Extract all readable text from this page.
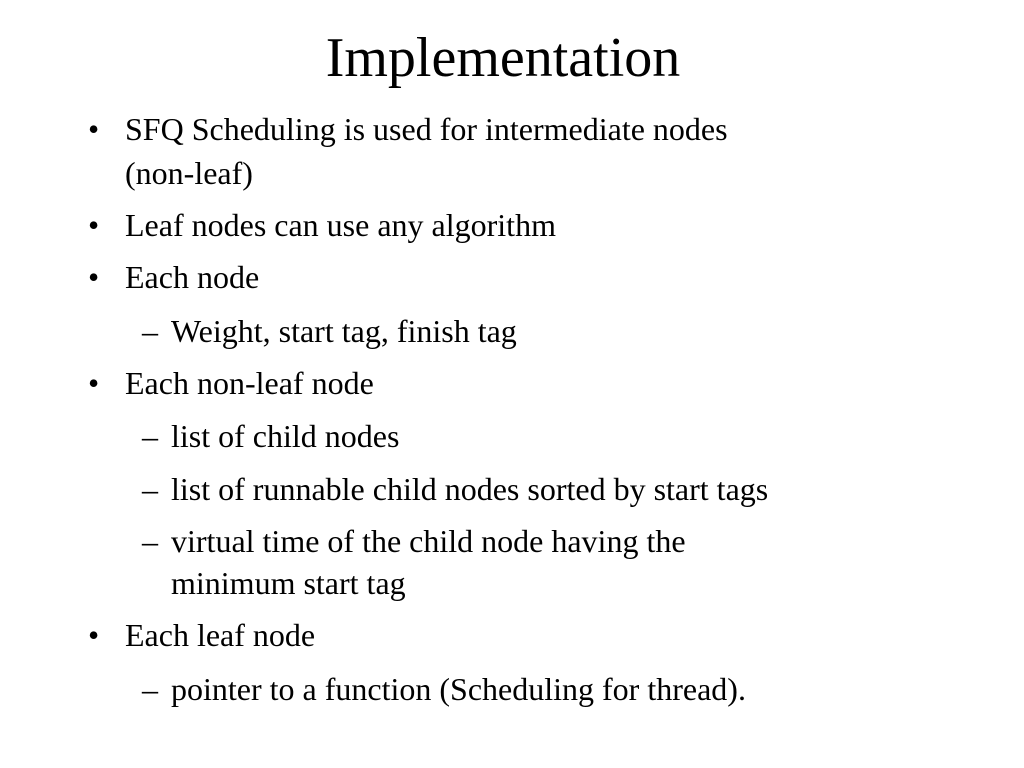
Implementation
• SFQ Scheduling is used for intermediate nodes
(non-leaf)
• Leaf nodes can use any algorithm
• Each node
– Weight, start tag, finish tag
• Each non-leaf node
– list of child nodes
– list of runnable child nodes sorted by start tags
– virtual time of the child node having the
minimum start tag
• Each leaf node
– pointer to a function (Scheduling for thread).
